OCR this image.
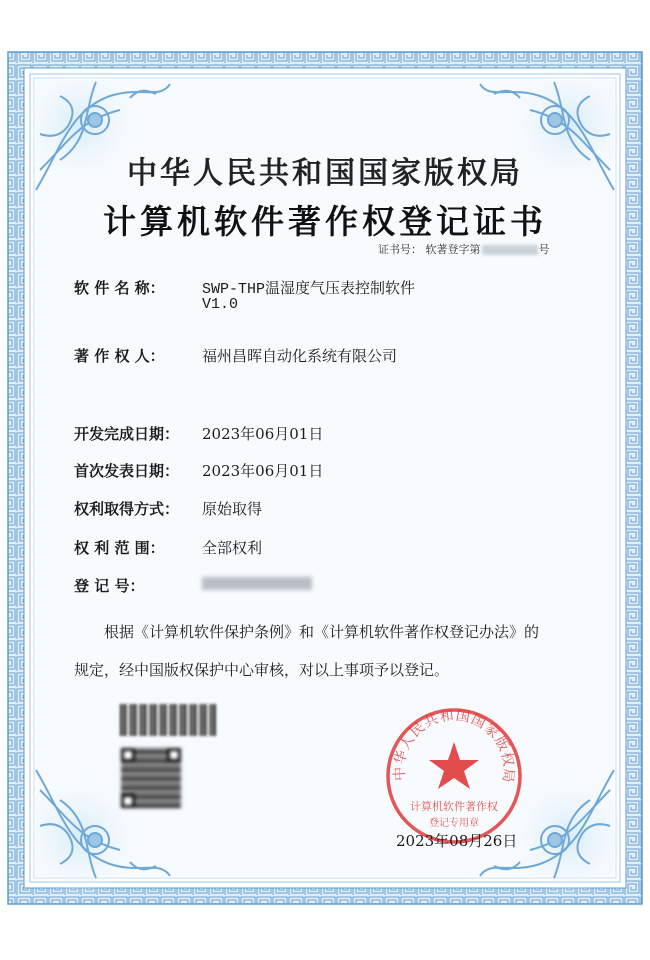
中华人民共和国国家版权局
计算机软件著作权登记证书
证书号： 软著登字第	号
软 件 名 称： SWP-THP温湿度气压表控制软件
V1.0
著 作 权 人： 福州昌晖自动化系统有限公司
开发完成日期： 2023年06月01日
首次发表日期： 2023年06月01日
权利取得方式： 原始取得
权 利 范 围： 全部权利
登 记 号：
根据《计算机软件保护条例》和《计算机软件著作权登记办法》的
规定，经中国版权保护中心审核，对以上事项予以登记。
中华人民共和国国家版权局
计算机软件著作权
登记专用章
2023年08月26日
